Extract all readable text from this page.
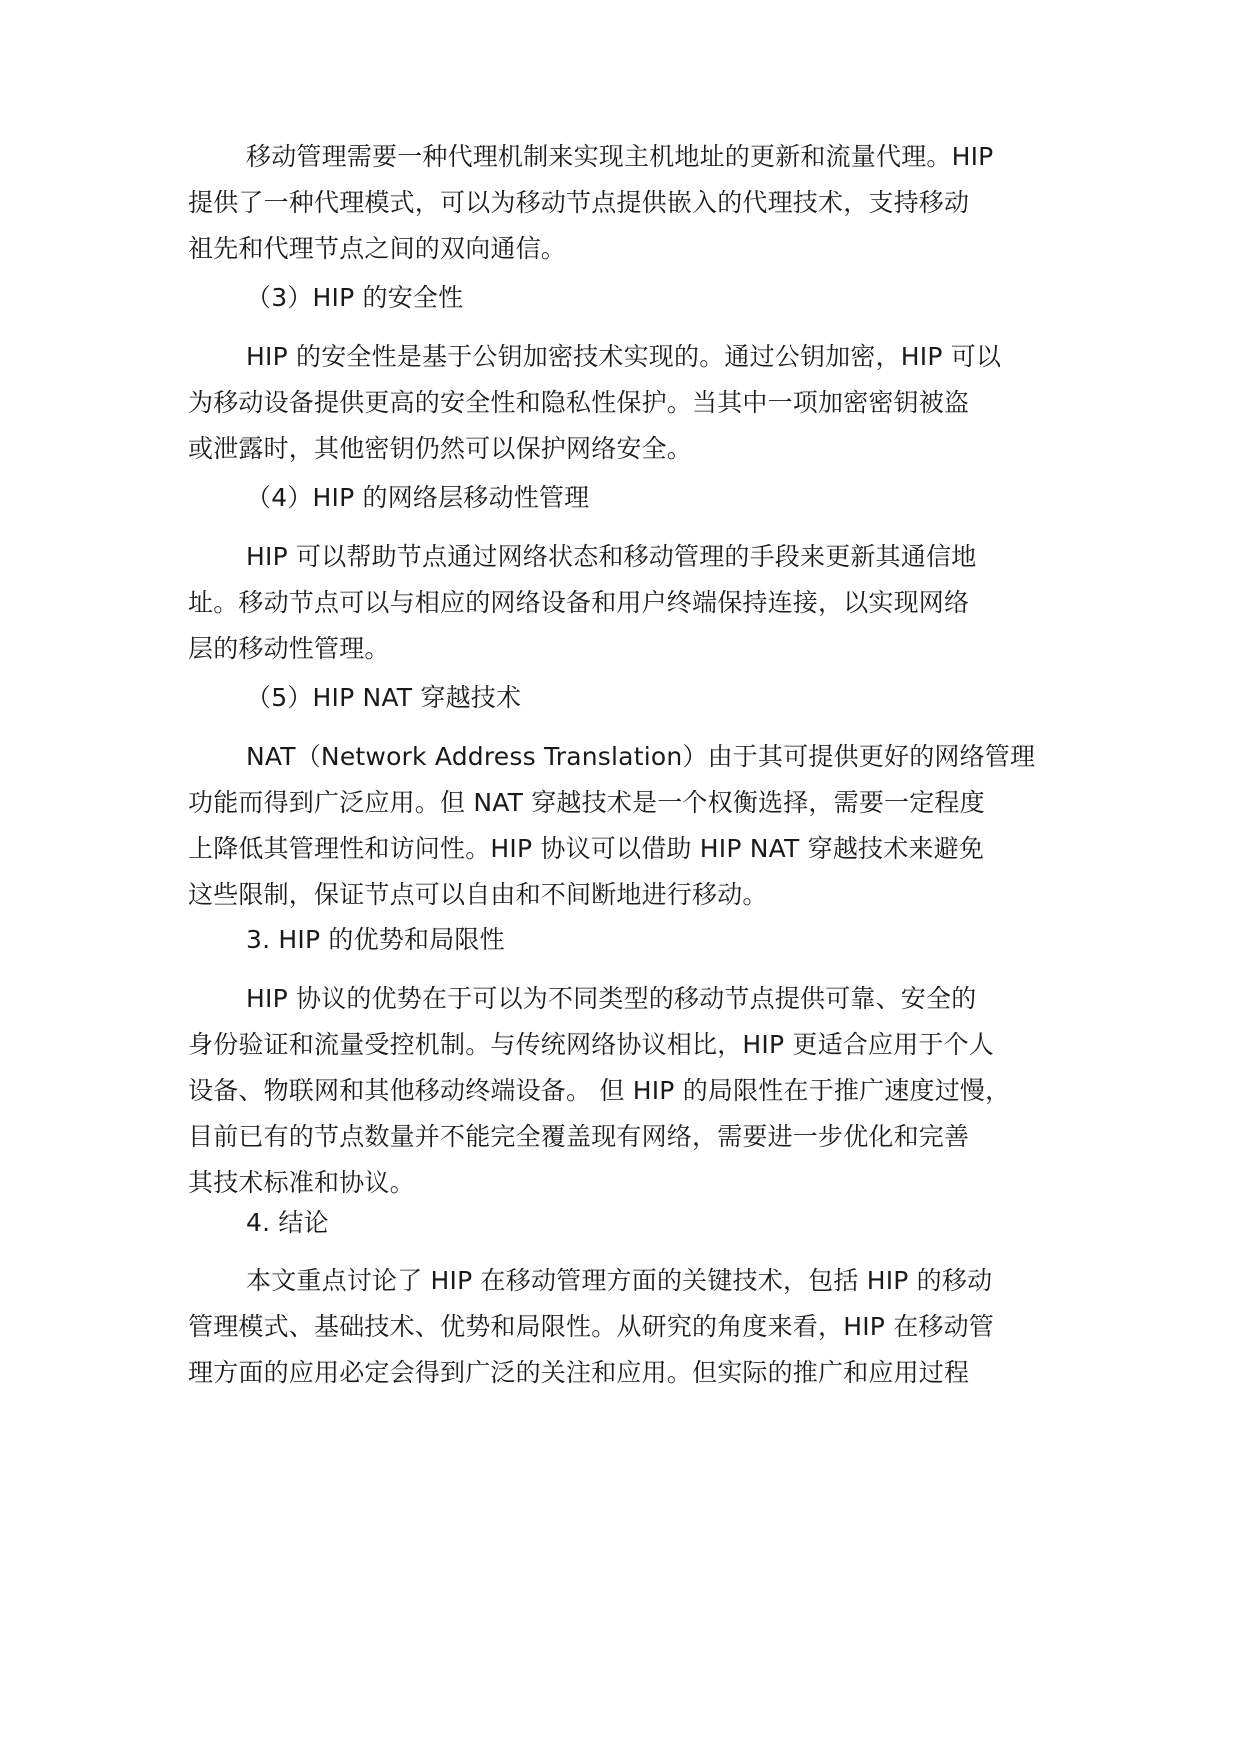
移动管理需要一种代理机制来实现主机地址的更新和流量代理。HIP
提供了一种代理模式，可以为移动节点提供嵌入的代理技术，支持移动
祖先和代理节点之间的双向通信。
（3）HIP 的安全性
HIP 的安全性是基于公钥加密技术实现的。通过公钥加密，HIP 可以
为移动设备提供更高的安全性和隐私性保护。当其中一项加密密钥被盗
或泄露时，其他密钥仍然可以保护网络安全。
（4）HIP 的网络层移动性管理
HIP 可以帮助节点通过网络状态和移动管理的手段来更新其通信地
址。移动节点可以与相应的网络设备和用户终端保持连接，以实现网络
层的移动性管理。
（5）HIP NAT 穿越技术
NAT（Network Address Translation）由于其可提供更好的网络管理
功能而得到广泛应用。但 NAT 穿越技术是一个权衡选择，需要一定程度
上降低其管理性和访问性。HIP 协议可以借助 HIP NAT 穿越技术来避免
这些限制，保证节点可以自由和不间断地进行移动。
3. HIP 的优势和局限性
HIP 协议的优势在于可以为不同类型的移动节点提供可靠、安全的
身份验证和流量受控机制。与传统网络协议相比，HIP 更适合应用于个人
设备、物联网和其他移动终端设备。 但 HIP 的局限性在于推广速度过慢，
目前已有的节点数量并不能完全覆盖现有网络，需要进一步优化和完善
其技术标准和协议。
4. 结论
本文重点讨论了 HIP 在移动管理方面的关键技术，包括 HIP 的移动
管理模式、基础技术、优势和局限性。从研究的角度来看，HIP 在移动管
理方面的应用必定会得到广泛的关注和应用。但实际的推广和应用过程
